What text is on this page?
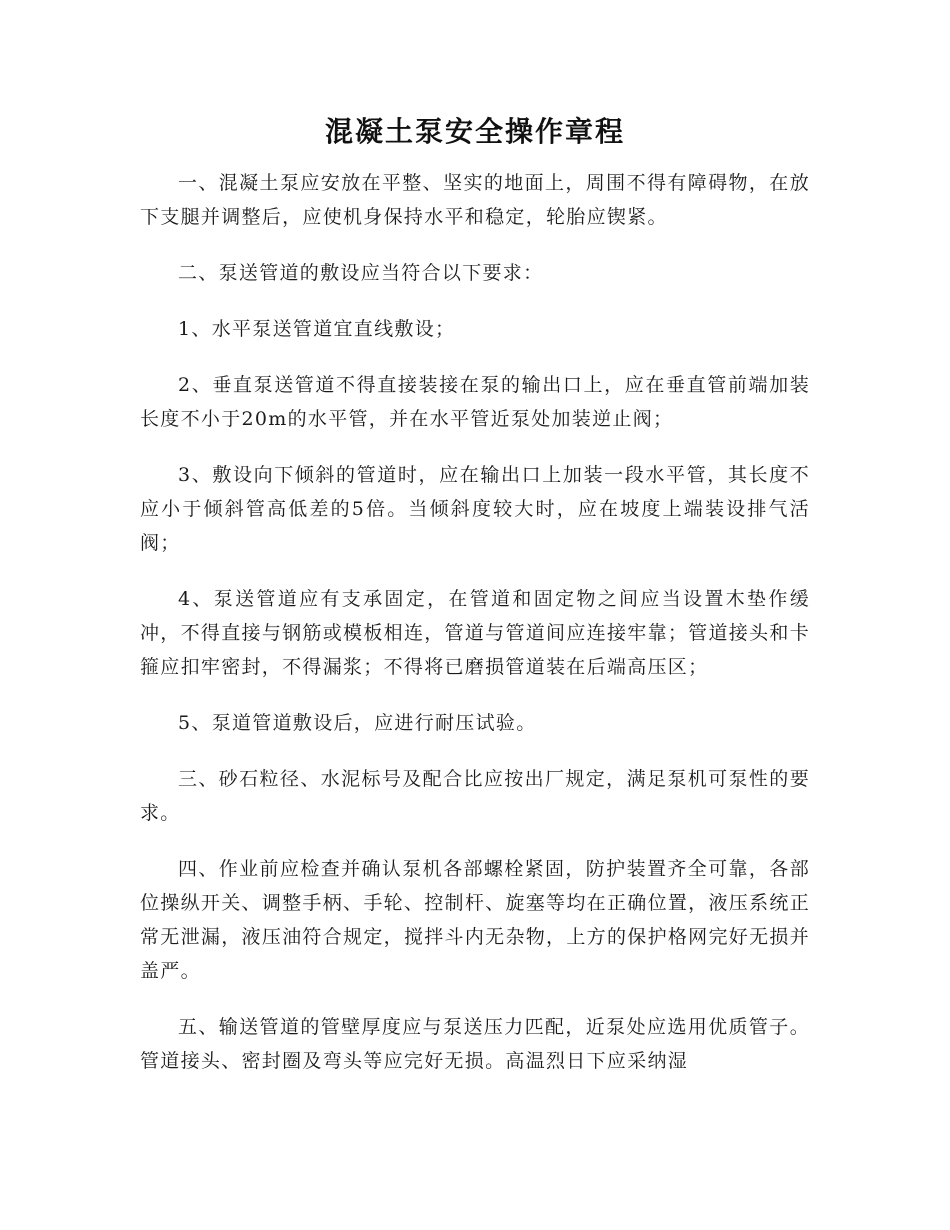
混凝土泵安全操作章程

一、混凝土泵应安放在平整、坚实的地面上，周围不得有障碍物，在放下支腿并调整后，应使机身保持水平和稳定，轮胎应锲紧。

二、泵送管道的敷设应当符合以下要求：

1、水平泵送管道宜直线敷设；

2、垂直泵送管道不得直接装接在泵的输出口上，应在垂直管前端加装长度不小于20m的水平管，并在水平管近泵处加装逆止阀；

3、敷设向下倾斜的管道时，应在输出口上加装一段水平管，其长度不应小于倾斜管高低差的5倍。当倾斜度较大时，应在坡度上端装设排气活阀；

4、泵送管道应有支承固定，在管道和固定物之间应当设置木垫作缓冲，不得直接与钢筋或模板相连，管道与管道间应连接牢靠；管道接头和卡箍应扣牢密封，不得漏浆；不得将已磨损管道装在后端高压区；

5、泵道管道敷设后，应进行耐压试验。

三、砂石粒径、水泥标号及配合比应按出厂规定，满足泵机可泵性的要求。

四、作业前应检查并确认泵机各部螺栓紧固，防护装置齐全可靠，各部位操纵开关、调整手柄、手轮、控制杆、旋塞等均在正确位置，液压系统正常无泄漏，液压油符合规定，搅拌斗内无杂物，上方的保护格网完好无损并盖严。

五、输送管道的管壁厚度应与泵送压力匹配，近泵处应选用优质管子。管道接头、密封圈及弯头等应完好无损。高温烈日下应采纳湿
